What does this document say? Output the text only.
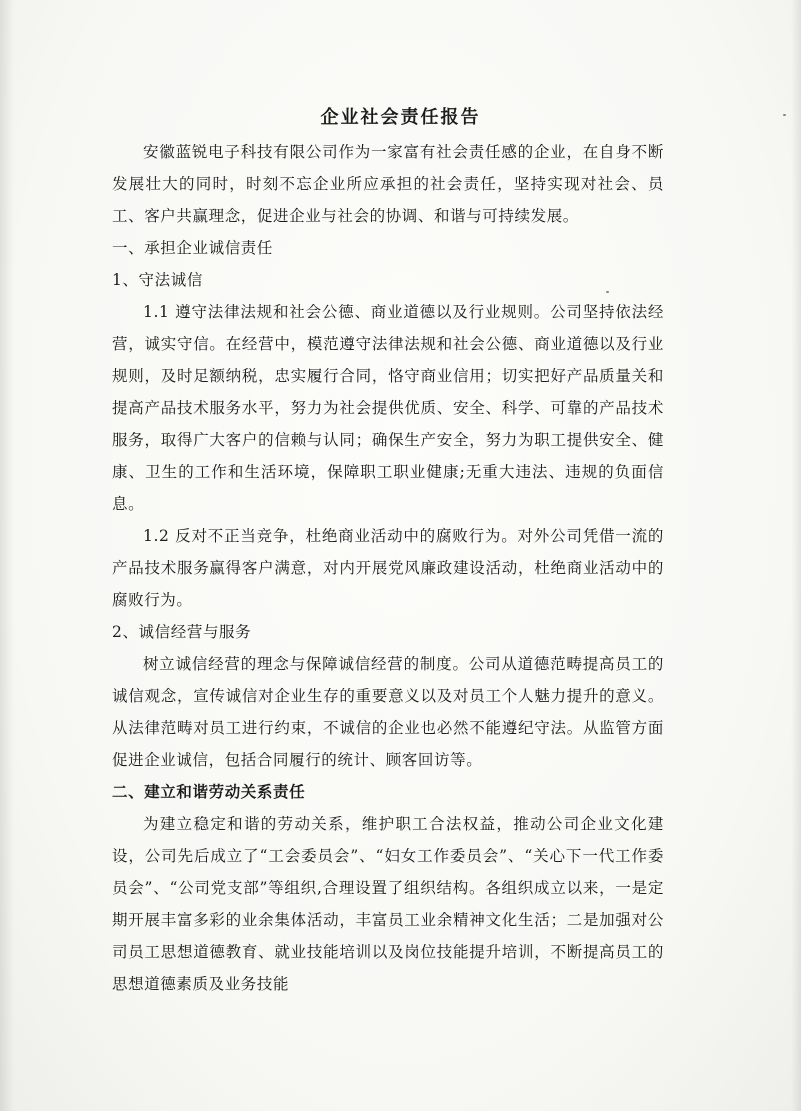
企业社会责任报告

安徽蓝锐电子科技有限公司作为一家富有社会责任感的企业，在自身不断发展壮大的同时，时刻不忘企业所应承担的社会责任，坚持实现对社会、员工、客户共赢理念，促进企业与社会的协调、和谐与可持续发展。

一、承担企业诚信责任

1、守法诚信

1.1 遵守法律法规和社会公德、商业道德以及行业规则。公司坚持依法经营，诚实守信。在经营中，模范遵守法律法规和社会公德、商业道德以及行业规则，及时足额纳税，忠实履行合同，恪守商业信用；切实把好产品质量关和提高产品技术服务水平，努力为社会提供优质、安全、科学、可靠的产品技术服务，取得广大客户的信赖与认同；确保生产安全，努力为职工提供安全、健康、卫生的工作和生活环境，保障职工职业健康;无重大违法、违规的负面信息。

1.2 反对不正当竞争，杜绝商业活动中的腐败行为。对外公司凭借一流的产品技术服务赢得客户满意，对内开展党风廉政建设活动，杜绝商业活动中的腐败行为。

2、诚信经营与服务

树立诚信经营的理念与保障诚信经营的制度。公司从道德范畴提高员工的诚信观念，宣传诚信对企业生存的重要意义以及对员工个人魅力提升的意义。从法律范畴对员工进行约束，不诚信的企业也必然不能遵纪守法。从监管方面促进企业诚信，包括合同履行的统计、顾客回访等。

二、建立和谐劳动关系责任

为建立稳定和谐的劳动关系，维护职工合法权益，推动公司企业文化建设，公司先后成立了“工会委员会”、“妇女工作委员会”、“关心下一代工作委员会”、“公司党支部”等组织,合理设置了组织结构。各组织成立以来，一是定期开展丰富多彩的业余集体活动，丰富员工业余精神文化生活；二是加强对公司员工思想道德教育、就业技能培训以及岗位技能提升培训，不断提高员工的思想道德素质及业务技能
